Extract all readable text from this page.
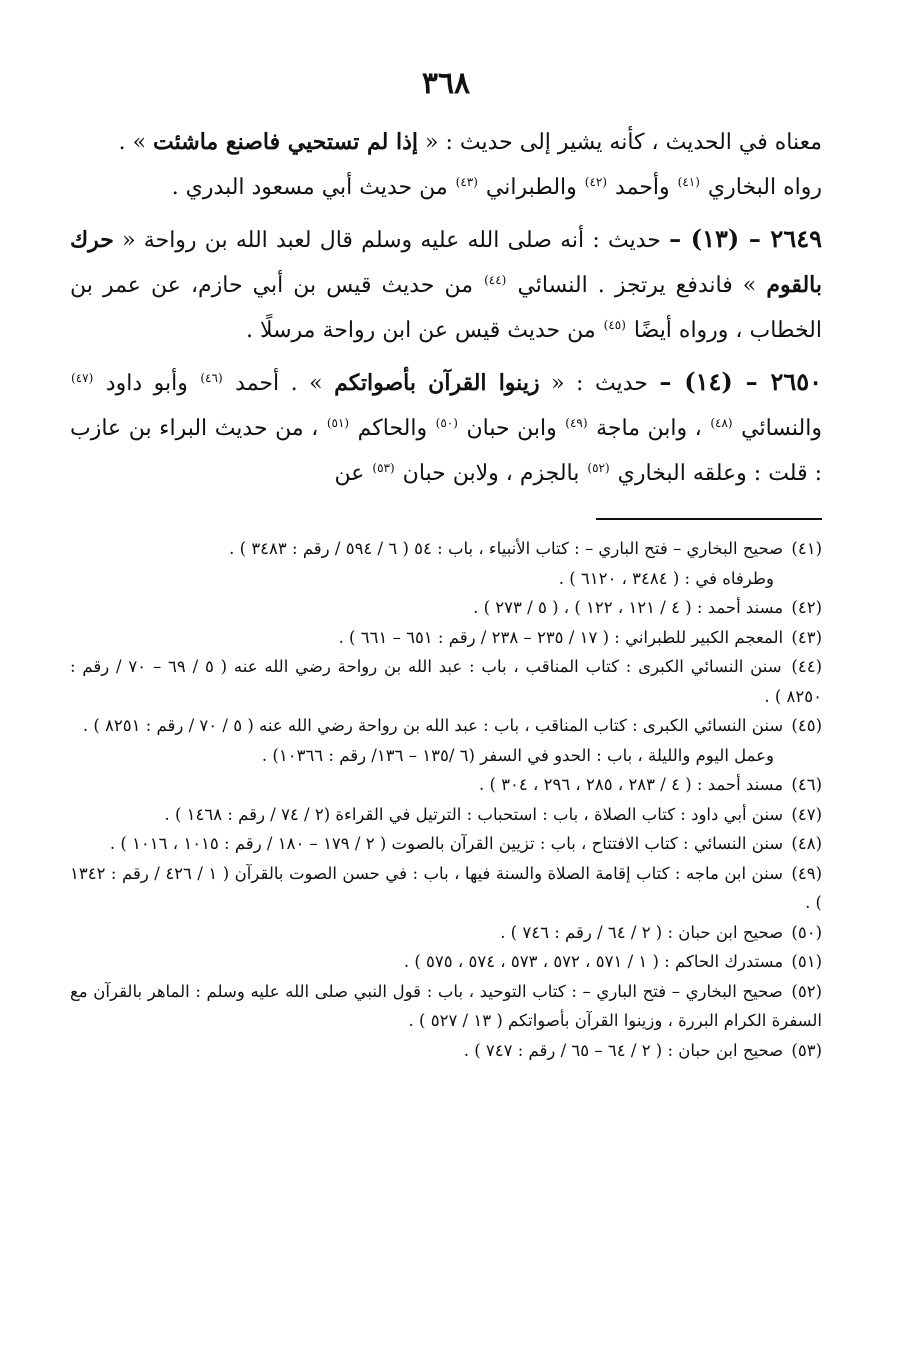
٣٦٨

معناه في الحديث ، كأنه يشير إلى حديث : « إذا لم تستحيي فاصنع ماشئت » .
رواه البخاري $^{(٤١)}$ وأحمد $^{(٤٢)}$ والطبراني $^{(٤٣)}$ من حديث أبي مسعود البدري .

٢٦٤٩ – (١٣) – حديث : أنه صلى الله عليه وسلم قال لعبد الله بن رواحة « حرك بالقوم » فاندفع يرتجز . النسائي $^{(٤٤)}$ من حديث قيس بن أبي حازم، عن عمر بن الخطاب ، ورواه أيضًا $^{(٤٥)}$ من حديث قيس عن ابن رواحة مرسلًا .

٢٦٥٠ – (١٤) – حديث : « زينوا القرآن بأصواتكم » . أحمد $^{(٤٦)}$ وأبو داود $^{(٤٧)}$ والنسائي $^{(٤٨)}$ ، وابن ماجة $^{(٤٩)}$ وابن حبان $^{(٥٠)}$ والحاكم $^{(٥١)}$ ، من حديث البراء بن عازب : قلت : وعلقه البخاري $^{(٥٢)}$ بالجزم ، ولابن حبان $^{(٥٣)}$ عن

(٤١) صحيح البخاري – فتح الباري – : كتاب الأنبياء ، باب : ٥٤ ( ٦ / ٥٩٤ / رقم : ٣٤٨٣ ) .

وطرفاه في : ( ٣٤٨٤ ، ٦١٢٠ ) .

(٤٢) مسند أحمد : ( ٤ / ١٢١ ، ١٢٢ ) ، ( ٥ / ٢٧٣ ) .

(٤٣) المعجم الكبير للطبراني : ( ١٧ / ٢٣٥ – ٢٣٨ / رقم : ٦٥١ – ٦٦١ ) .

(٤٤) سنن النسائي الكبرى : كتاب المناقب ، باب : عبد الله بن رواحة رضي الله عنه ( ٥ / ٦٩ – ٧٠ / رقم : ٨٢٥٠ ) .

(٤٥) سنن النسائي الكبرى : كتاب المناقب ، باب : عبد الله بن رواحة رضي الله عنه ( ٥ / ٧٠ / رقم : ٨٢٥١ ) .

وعمل اليوم والليلة ، باب : الحدو في السفر (٦ /١٣٥ – ١٣٦/ رقم : ١٠٣٦٦) .

(٤٦) مسند أحمد : ( ٤ / ٢٨٣ ، ٢٨٥ ، ٢٩٦ ، ٣٠٤ ) .

(٤٧) سنن أبي داود : كتاب الصلاة ، باب : استحباب : الترتيل في القراءة (٢ / ٧٤ / رقم : ١٤٦٨ ) .

(٤٨) سنن النسائي : كتاب الافتتاح ، باب : تزيين القرآن بالصوت ( ٢ / ١٧٩ – ١٨٠ / رقم : ١٠١٥ ، ١٠١٦ ) .

(٤٩) سنن ابن ماجه : كتاب إقامة الصلاة والسنة فيها ، باب : في حسن الصوت بالقرآن ( ١ / ٤٢٦ / رقم : ١٣٤٢ ) .

(٥٠) صحيح ابن حبان : ( ٢ / ٦٤ / رقم : ٧٤٦ ) .

(٥١) مستدرك الحاكم : ( ١ / ٥٧١ ، ٥٧٢ ، ٥٧٣ ، ٥٧٤ ، ٥٧٥ ) .

(٥٢) صحيح البخاري – فتح الباري – : كتاب التوحيد ، باب : قول النبي صلى الله عليه وسلم : الماهر بالقرآن مع السفرة الكرام البررة ، وزينوا القرآن بأصواتكم ( ١٣ / ٥٢٧ ) .

(٥٣) صحيح ابن حبان : ( ٢ / ٦٤ – ٦٥ / رقم : ٧٤٧ ) .
